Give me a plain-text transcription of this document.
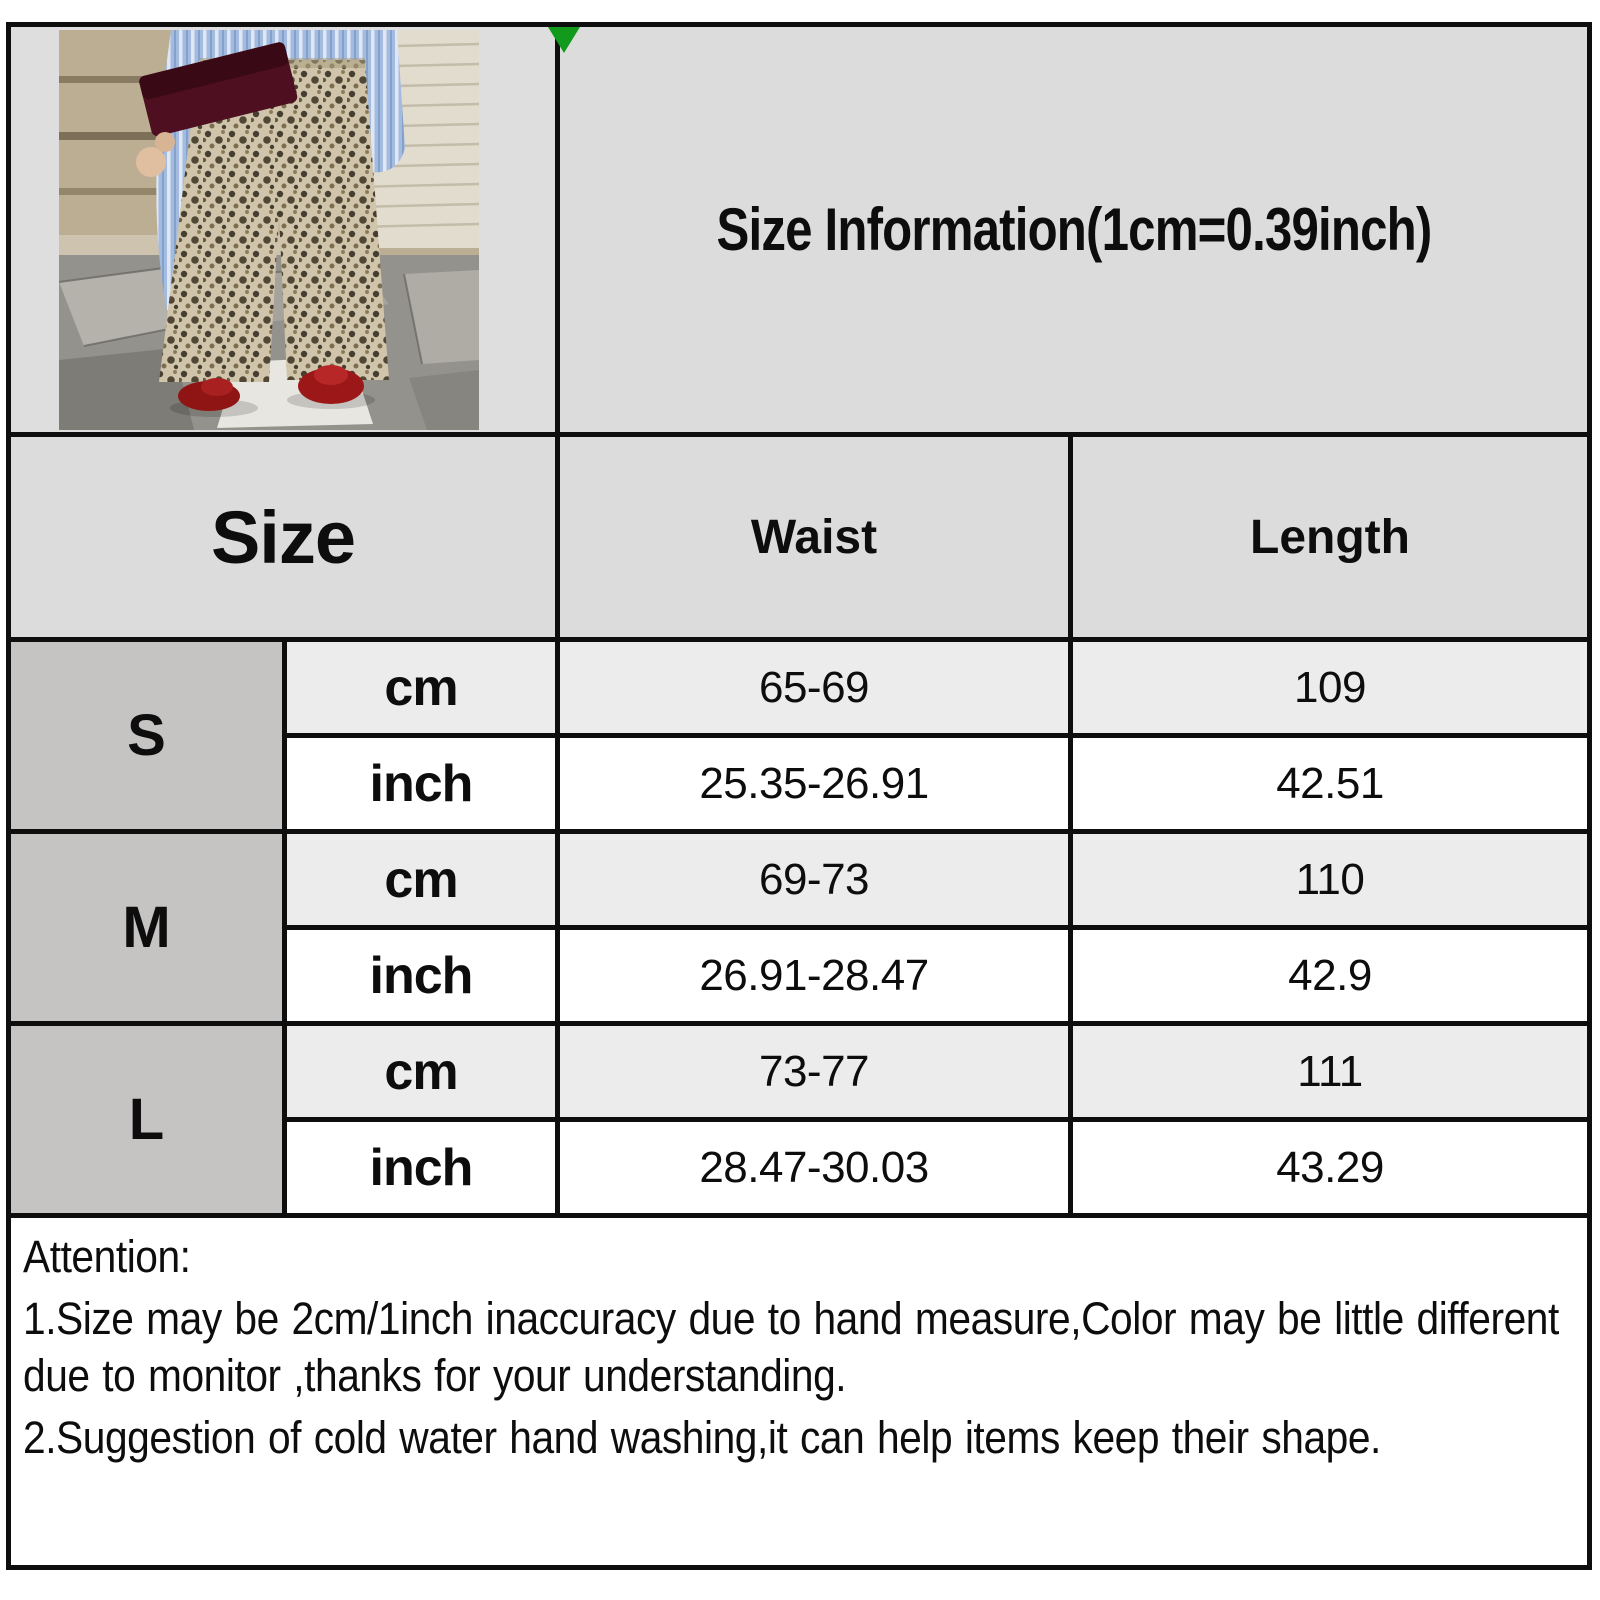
Size Information(1cm=0.39inch)
Size	Waist	Length
S
cm	65-69	109
inch	25.35-26.91	42.51
M
cm	69-73	110
inch	26.91-28.47	42.9
L
cm	73-77	111
inch	28.47-30.03	43.29

Attention:

1.Size may be 2cm/1inch inaccuracy due to hand measure,Color may be little different due to monitor ,thanks for your understanding.

2.Suggestion of cold water hand washing,it can help items keep their shape.
